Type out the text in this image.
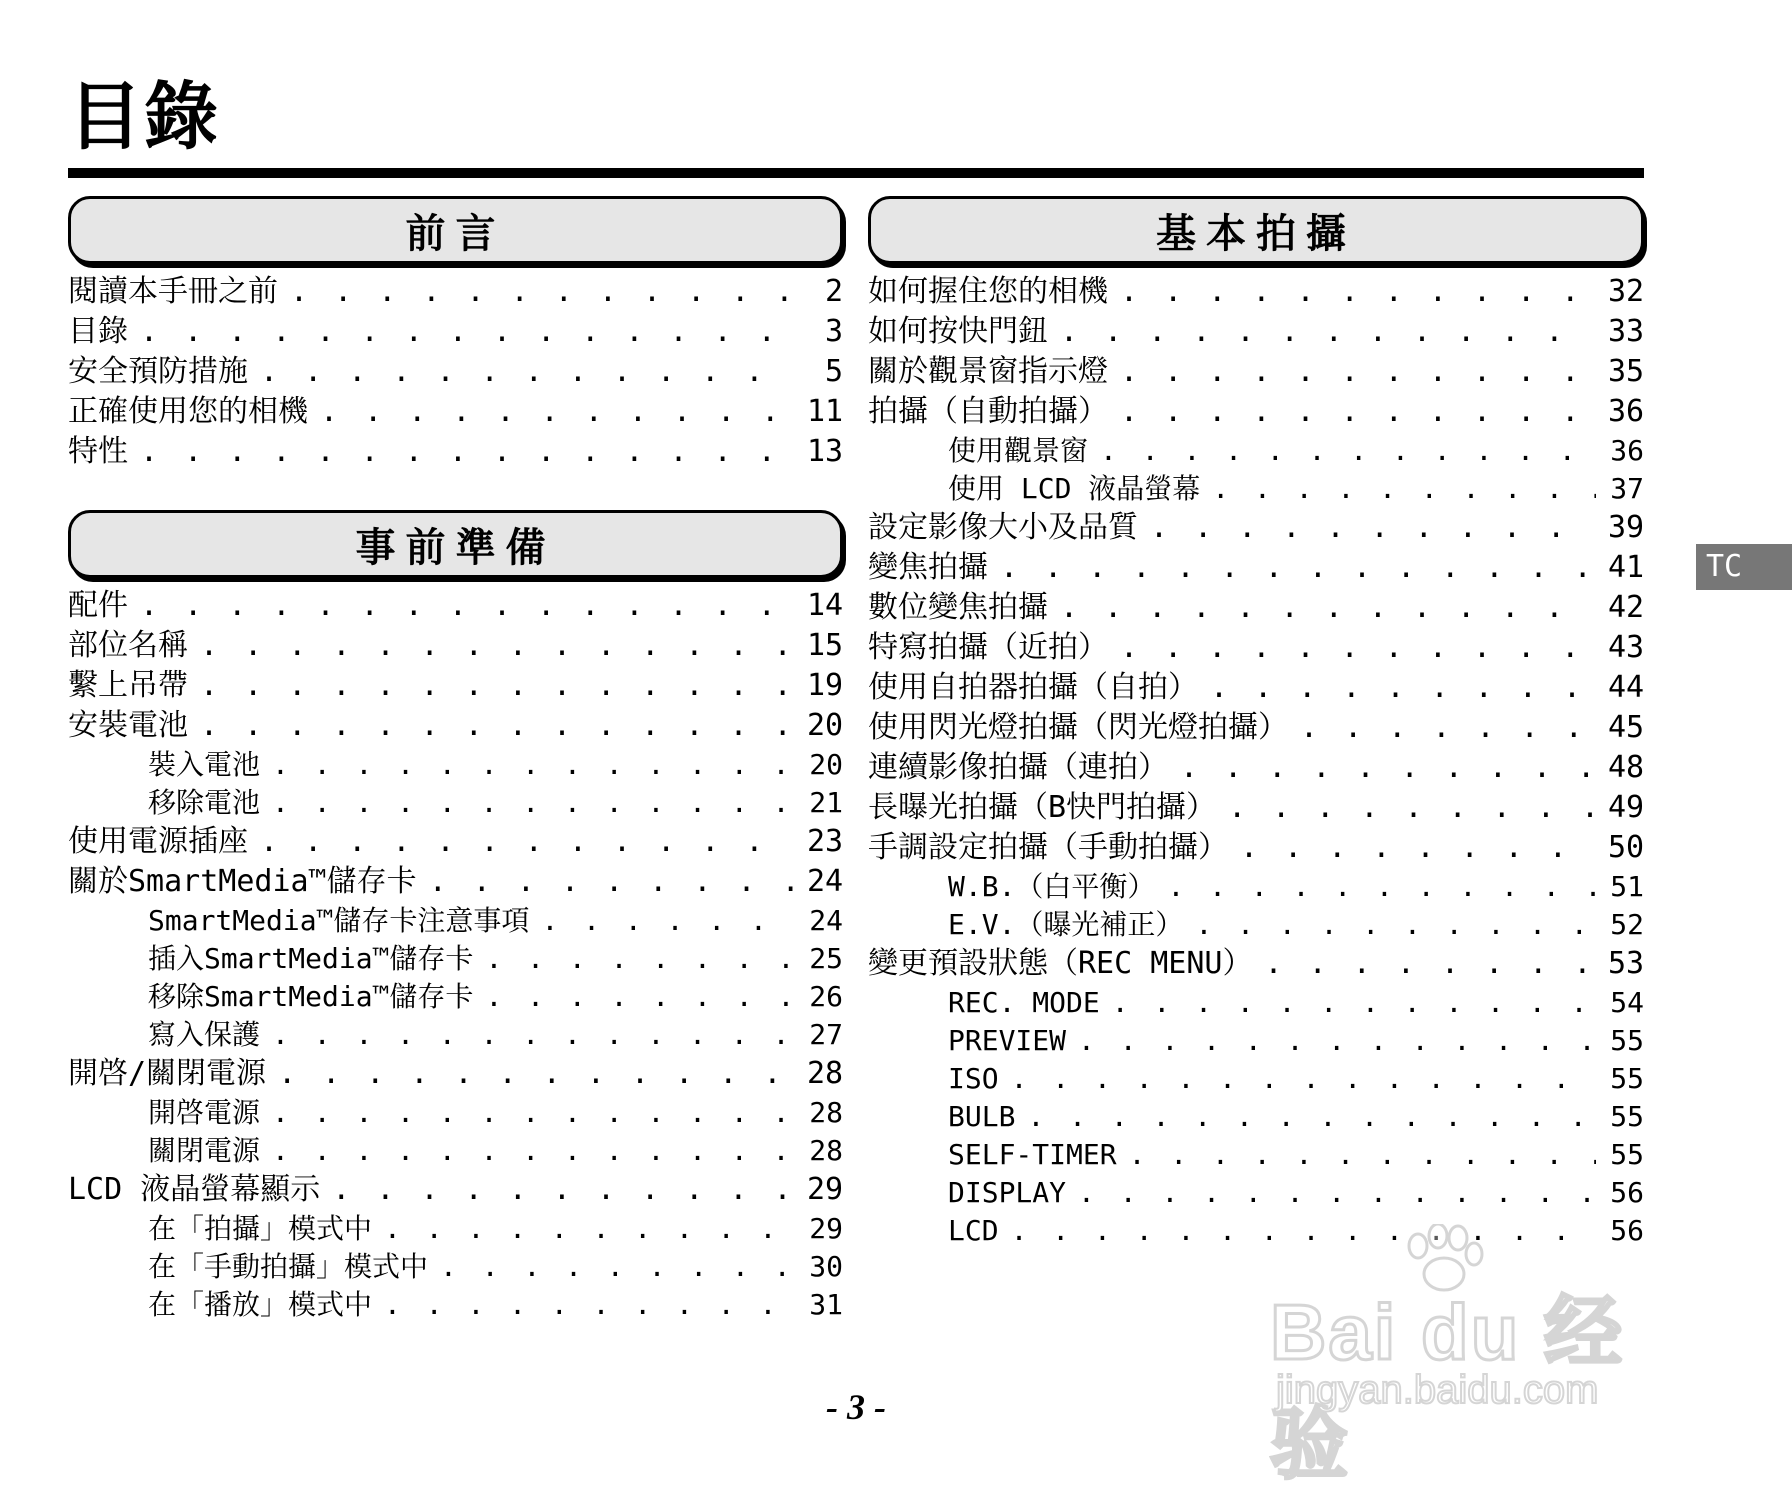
目錄
前言
閱讀本手冊之前 . . .	2
目錄 . . .	3
安全預防措施 . . .	5
正確使用您的相機 . . .	11
特性 . . .	13
事前準備
配件 . . .	14
部位名稱 . . .	15
繫上吊帶 . . .	19
安裝電池 . . .	20
裝入電池 . . .	20
移除電池 . . .	21
使用電源插座 . . .	23
關於SmartMedia™儲存卡 . . .	24
SmartMedia™儲存卡注意事項 . . .	24
插入SmartMedia™儲存卡 . . .	25
移除SmartMedia™儲存卡 . . .	26
寫入保護 . . .	27
開啓/關閉電源 . . .	28
開啓電源 . . .	28
關閉電源 . . .	28
LCD 液晶螢幕顯示 . . .	29
在「拍攝」模式中 . . .	29
在「手動拍攝」模式中 . . .	30
在「播放」模式中 . . .	31
基本拍攝
如何握住您的相機 . . .	32
如何按快門鈕 . . .	33
關於觀景窗指示燈 . . .	35
拍攝（自動拍攝） . . .	36
使用觀景窗 . . .	36
使用 LCD 液晶螢幕 . . .	37
設定影像大小及品質 . . .	39
變焦拍攝 . . .	41
數位變焦拍攝 . . .	42
特寫拍攝（近拍） . . .	43
使用自拍器拍攝（自拍） . . .	44
使用閃光燈拍攝（閃光燈拍攝） . . .	45
連續影像拍攝（連拍） . . .	48
長曝光拍攝（B快門拍攝） . . .	49
手調設定拍攝（手動拍攝） . . .	50
W.B.（白平衡） . . .	51
E.V.（曝光補正） . . .	52
變更預設狀態（REC MENU） . . .	53
REC. MODE . . .	54
PREVIEW . . .	55
ISO . . .	55
BULB . . .	55
SELF-TIMER . . .	55
DISPLAY . . .	56
LCD . . .	56
TC
- 3 -
Bai du 经验
jingyan.baidu.com
